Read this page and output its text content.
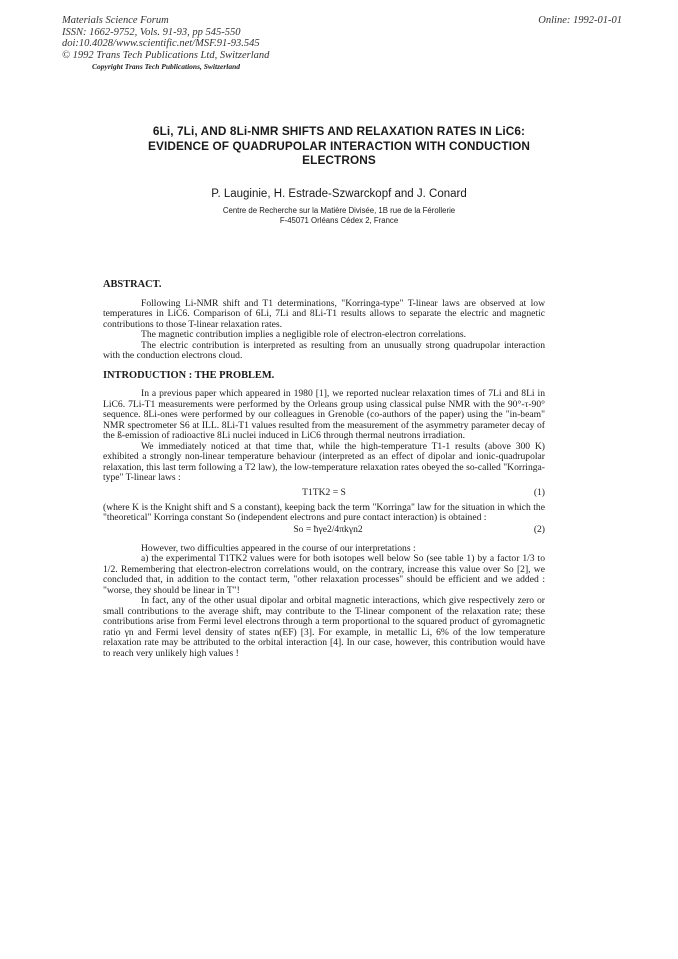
Materials Science Forum
ISSN: 1662-9752, Vols. 91-93, pp 545-550
doi:10.4028/www.scientific.net/MSF.91-93.545
© 1992 Trans Tech Publications Ltd, Switzerland
Copyright Trans Tech Publications, Switzerland
Online: 1992-01-01
6Li, 7Li, AND 8Li-NMR SHIFTS AND RELAXATION RATES IN LiC6:
EVIDENCE OF QUADRUPOLAR INTERACTION WITH CONDUCTION
ELECTRONS
P. Lauginie, H. Estrade-Szwarckopf and J. Conard
Centre de Recherche sur la Matière Divisée, 1B rue de la Férollerie
F-45071 Orléans Cédex 2, France
ABSTRACT.

Following Li-NMR shift and T1 determinations, "Korringa-type" T-linear laws are observed at low temperatures in LiC6. Comparison of 6Li, 7Li and 8Li-T1 results allows to separate the electric and magnetic contributions to those T-linear relaxation rates.

The magnetic contribution implies a negligible role of electron-electron correlations.

The electric contribution is interpreted as resulting from an unusually strong quadrupolar interaction with the conduction electrons cloud.

INTRODUCTION : THE PROBLEM.

In a previous paper which appeared in 1980 [1], we reported nuclear relaxation times of 7Li and 8Li in LiC6. 7Li-T1 measurements were performed by the Orleans group using classical pulse NMR with the 90°-τ-90° sequence. 8Li-ones were performed by our colleagues in Grenoble (co-authors of the paper) using the "in-beam" NMR spectrometer S6 at ILL. 8Li-T1 values resulted from the measurement of the asymmetry parameter decay of the ß-emission of radioactive 8Li nuclei induced in LiC6 through thermal neutrons irradiation.

We immediately noticed at that time that, while the high-temperature T1-1 results (above 300 K) exhibited a strongly non-linear temperature behaviour (interpreted as an effect of dipolar and ionic-quadrupolar relaxation, this last term following a T2 law), the low-temperature relaxation rates obeyed the so-called "Korringa-type" T-linear laws :

T1TK2 = S	(1)

(where K is the Knight shift and S a constant), keeping back the term "Korringa" law for the situation in which the "theoretical" Korringa constant So (independent electrons and pure contact interaction) is obtained :

So = ħγe2/4πkγn2	(2)

However, two difficulties appeared in the course of our interpretations :

a) the experimental T1TK2 values were for both isotopes well below So (see table 1) by a factor 1/3 to 1/2. Remembering that electron-electron correlations would, on the contrary, increase this value over So [2], we concluded that, in addition to the contact term, "other relaxation processes" should be efficient and we added : "worse, they should be linear in T"!

In fact, any of the other usual dipolar and orbital magnetic interactions, which give respectively zero or small contributions to the average shift, may contribute to the T-linear component of the relaxation rate; these contributions arise from Fermi level electrons through a term proportional to the squared product of gyromagnetic ratio γn and Fermi level density of states n(EF) [3]. For example, in metallic Li, 6% of the low temperature relaxation rate may be attributed to the orbital interaction [4]. In our case, however, this contribution would have to reach very unlikely high values !
